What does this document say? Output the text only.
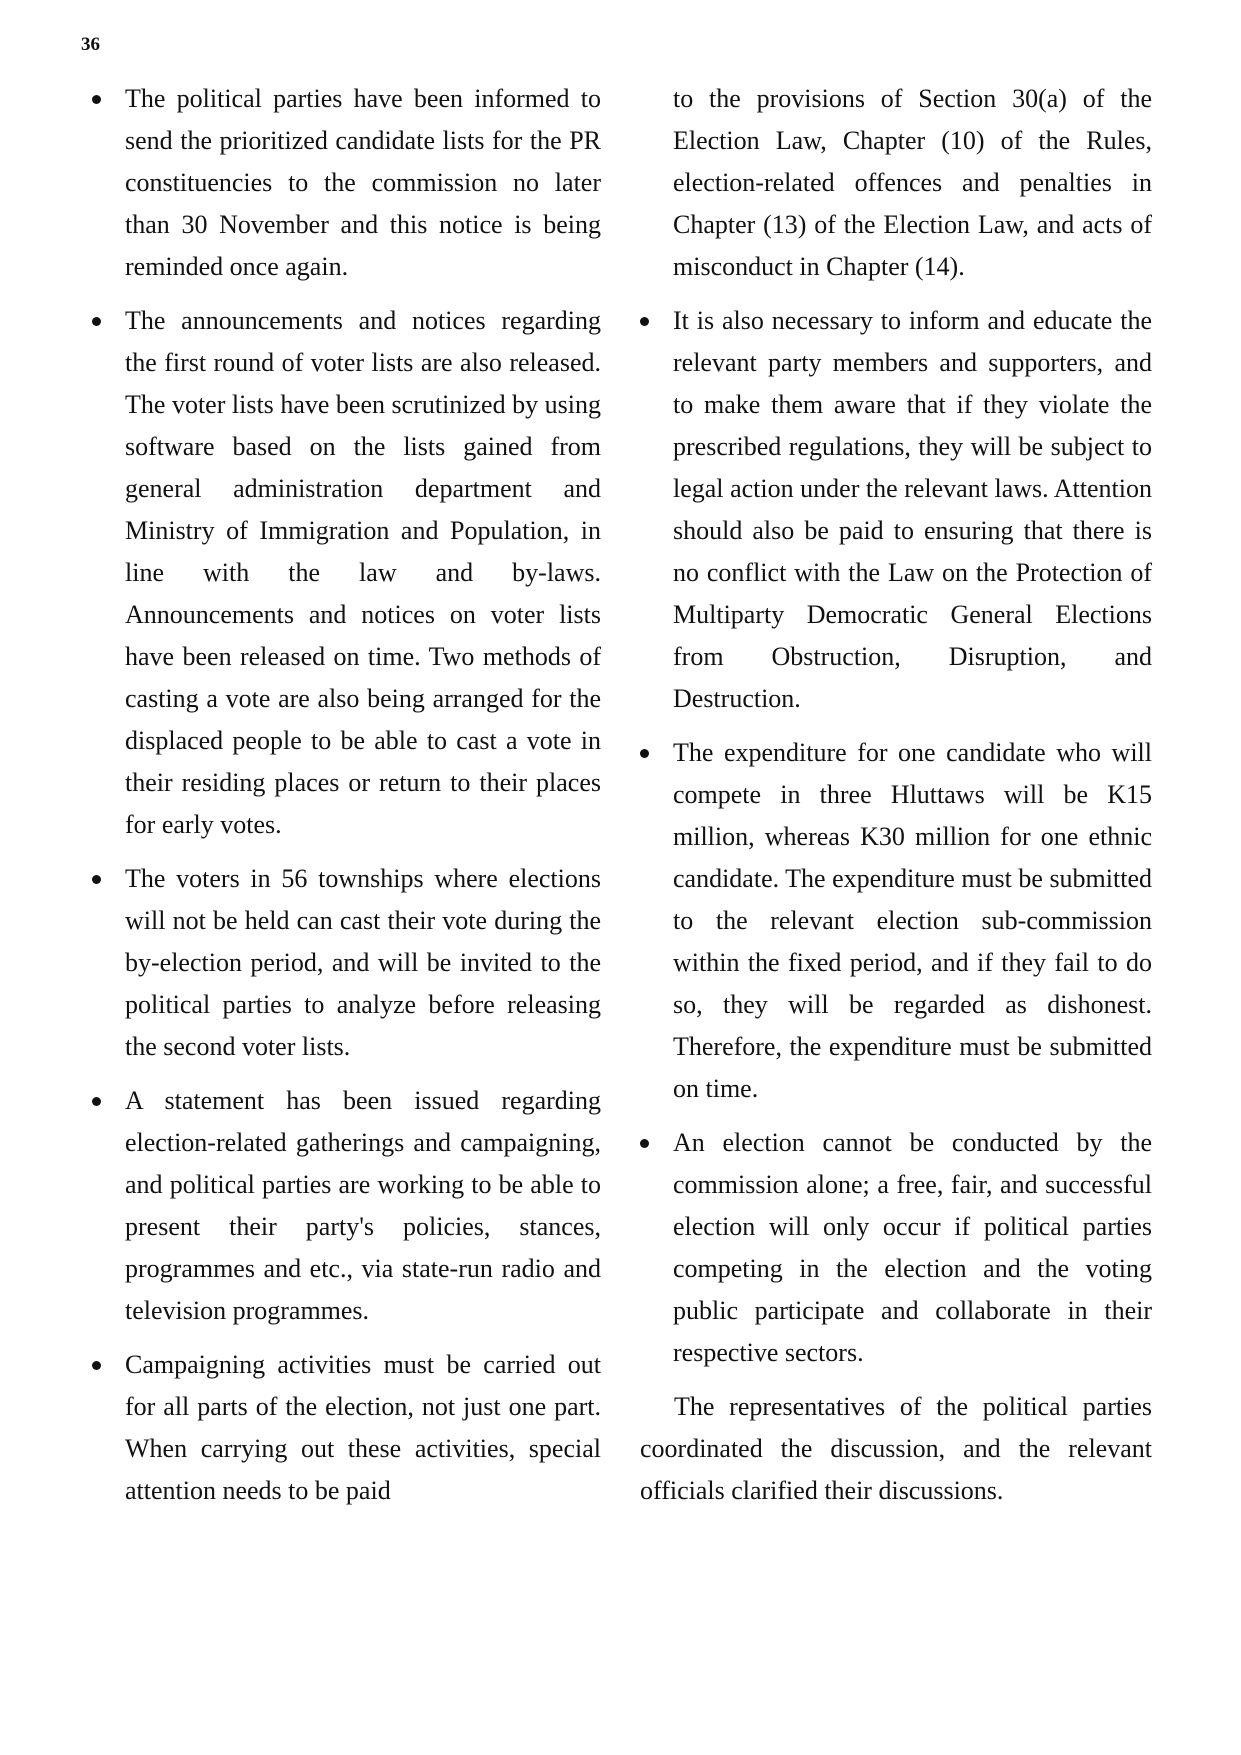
36
The political parties have been informed to send the prioritized candidate lists for the PR constituencies to the commission no later than 30 November and this notice is being reminded once again.
The announcements and notices regarding the first round of voter lists are also released. The voter lists have been scrutinized by using software based on the lists gained from general administration department and Ministry of Immigration and Population, in line with the law and by-laws. Announcements and notices on voter lists have been released on time. Two methods of casting a vote are also being arranged for the displaced people to be able to cast a vote in their residing places or return to their places for early votes.
The voters in 56 townships where elections will not be held can cast their vote during the by-election period, and will be invited to the political parties to analyze before releasing the second voter lists.
A statement has been issued regarding election-related gatherings and campaigning, and political parties are working to be able to present their party's policies, stances, programmes and etc., via state-run radio and television programmes.
Campaigning activities must be carried out for all parts of the election, not just one part. When carrying out these activities, special attention needs to be paid
to the provisions of Section 30(a) of the Election Law, Chapter (10) of the Rules, election-related offences and penalties in Chapter (13) of the Election Law, and acts of misconduct in Chapter (14).
It is also necessary to inform and educate the relevant party members and supporters, and to make them aware that if they violate the prescribed regulations, they will be subject to legal action under the relevant laws. Attention should also be paid to ensuring that there is no conflict with the Law on the Protection of Multiparty Democratic General Elections from Obstruction, Disruption, and Destruction.
The expenditure for one candidate who will compete in three Hluttaws will be K15 million, whereas K30 million for one ethnic candidate. The expenditure must be submitted to the relevant election sub-commission within the fixed period, and if they fail to do so, they will be regarded as dishonest. Therefore, the expenditure must be submitted on time.
An election cannot be conducted by the commission alone; a free, fair, and successful election will only occur if political parties competing in the election and the voting public participate and collaborate in their respective sectors.

The representatives of the political parties coordinated the discussion, and the relevant officials clarified their discussions.
